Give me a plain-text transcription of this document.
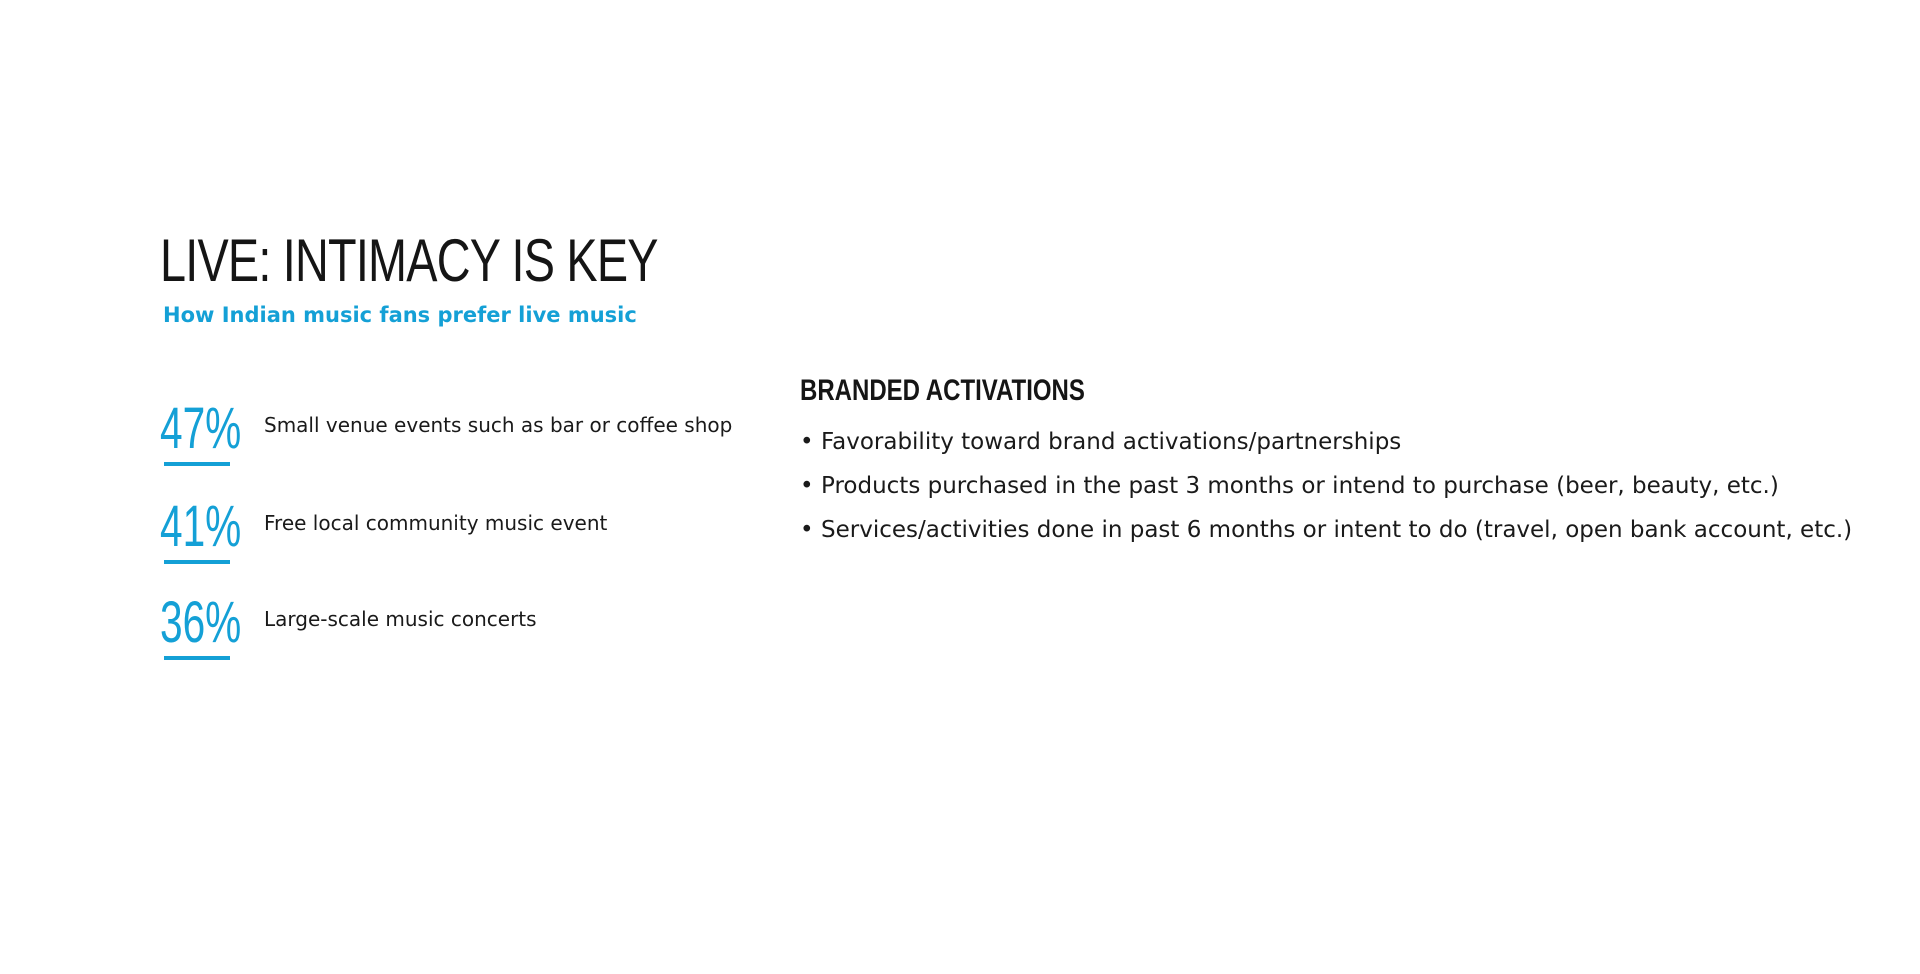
LIVE: INTIMACY IS KEY

How Indian music fans prefer live music

47% Small venue events such as bar or coffee shop
41% Free local community music event
36% Large-scale music concerts
BRANDED ACTIVATIONS
• Favorability toward brand activations/partnerships
• Products purchased in the past 3 months or intend to purchase (beer, beauty, etc.)
• Services/activities done in past 6 months or intent to do (travel, open bank account, etc.)
